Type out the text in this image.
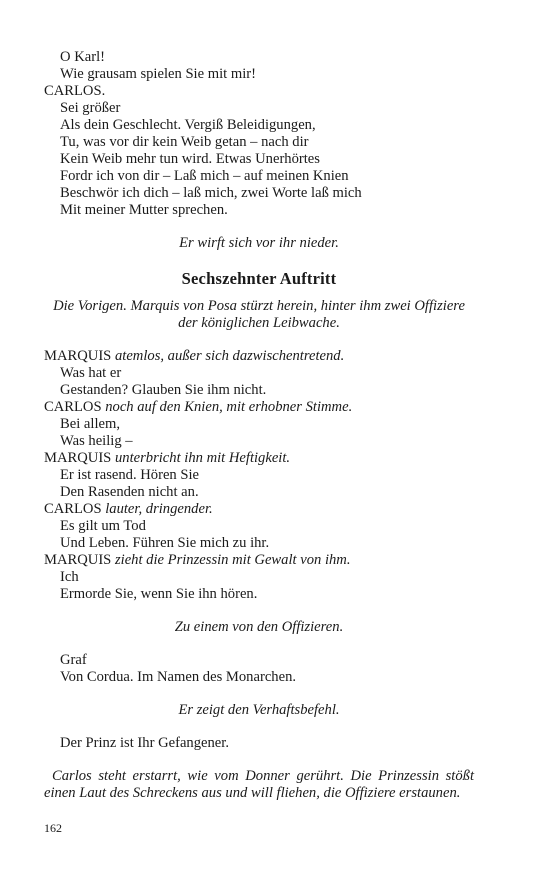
O Karl!
Wie grausam spielen Sie mit mir!
CARLOS.
Sei größer
Als dein Geschlecht. Vergiß Beleidigungen,
Tu, was vor dir kein Weib getan – nach dir
Kein Weib mehr tun wird. Etwas Unerhörtes
Fordr ich von dir – Laß mich – auf meinen Knien
Beschwör ich dich – laß mich, zwei Worte laß mich
Mit meiner Mutter sprechen.
Er wirft sich vor ihr nieder.
Sechszehnter Auftritt
Die Vorigen. Marquis von Posa stürzt herein, hinter ihm zwei Offiziere
der königlichen Leibwache.
MARQUIS atemlos, außer sich dazwischentretend.
Was hat er
Gestanden? Glauben Sie ihm nicht.
CARLOS noch auf den Knien, mit erhobner Stimme.
Bei allem,
Was heilig –
MARQUIS unterbricht ihn mit Heftigkeit.
Er ist rasend. Hören Sie
Den Rasenden nicht an.
CARLOS lauter, dringender.
Es gilt um Tod
Und Leben. Führen Sie mich zu ihr.
MARQUIS zieht die Prinzessin mit Gewalt von ihm.
Ich
Ermorde Sie, wenn Sie ihn hören.
Zu einem von den Offizieren.
Graf
Von Cordua. Im Namen des Monarchen.
Er zeigt den Verhaftsbefehl.
Der Prinz ist Ihr Gefangener.
Carlos steht erstarrt, wie vom Donner gerührt. Die Prinzessin stößt
einen Laut des Schreckens aus und will fliehen, die Offiziere erstaunen.
162
